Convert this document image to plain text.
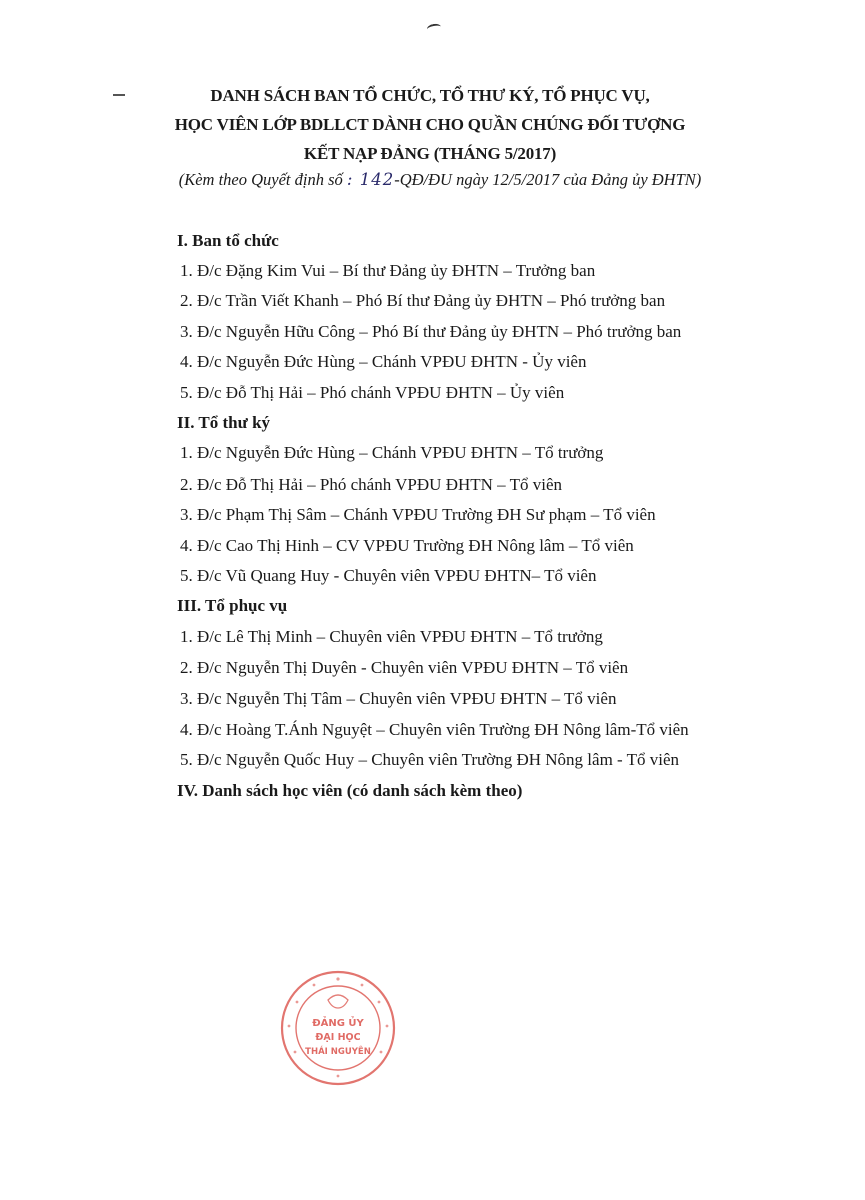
DANH SÁCH BAN TỔ CHỨC, TỔ THƯ KÝ, TỔ PHỤC VỤ,
HỌC VIÊN LỚP BDLLCT DÀNH CHO QUẦN CHÚNG ĐỐI TƯỢNG
KẾT NẠP ĐẢNG (THÁNG 5/2017)
(Kèm theo Quyết định số : 142-QĐ/ĐU ngày 12/5/2017 của Đảng ủy ĐHTN)
I. Ban tổ chức
1. Đ/c Đặng Kim Vui – Bí thư Đảng ủy ĐHTN – Trưởng ban
2. Đ/c Trần Viết Khanh – Phó Bí thư Đảng ủy ĐHTN – Phó trưởng ban
3. Đ/c Nguyễn Hữu Công – Phó Bí thư Đảng ủy ĐHTN – Phó trưởng ban
4. Đ/c Nguyễn Đức Hùng – Chánh VPĐU ĐHTN - Ủy viên
5. Đ/c Đỗ Thị Hải – Phó chánh VPĐU ĐHTN – Ủy viên
II. Tổ thư ký
1. Đ/c Nguyễn Đức Hùng – Chánh VPĐU ĐHTN – Tổ trưởng
2. Đ/c Đỗ Thị Hải – Phó chánh VPĐU ĐHTN – Tổ viên
3. Đ/c Phạm Thị Sâm – Chánh VPĐU Trường ĐH Sư phạm – Tổ viên
4. Đ/c Cao Thị Hinh – CV VPĐU Trường ĐH Nông lâm – Tổ viên
5. Đ/c Vũ Quang Huy - Chuyên viên VPĐU ĐHTN– Tổ viên
III. Tổ phục vụ
1. Đ/c Lê Thị Minh – Chuyên viên VPĐU ĐHTN – Tổ trưởng
2. Đ/c Nguyễn Thị Duyên - Chuyên viên VPĐU ĐHTN – Tổ viên
3. Đ/c Nguyễn Thị Tâm – Chuyên viên VPĐU ĐHTN – Tổ viên
4. Đ/c Hoàng T.Ánh Nguyệt – Chuyên viên Trường ĐH Nông lâm-Tổ viên
5. Đ/c Nguyễn Quốc Huy – Chuyên viên Trường ĐH Nông lâm - Tổ viên
IV. Danh sách học viên (có danh sách kèm theo)
ĐẢNG ỦY
ĐẠI HỌC
THÁI NGUYÊN
